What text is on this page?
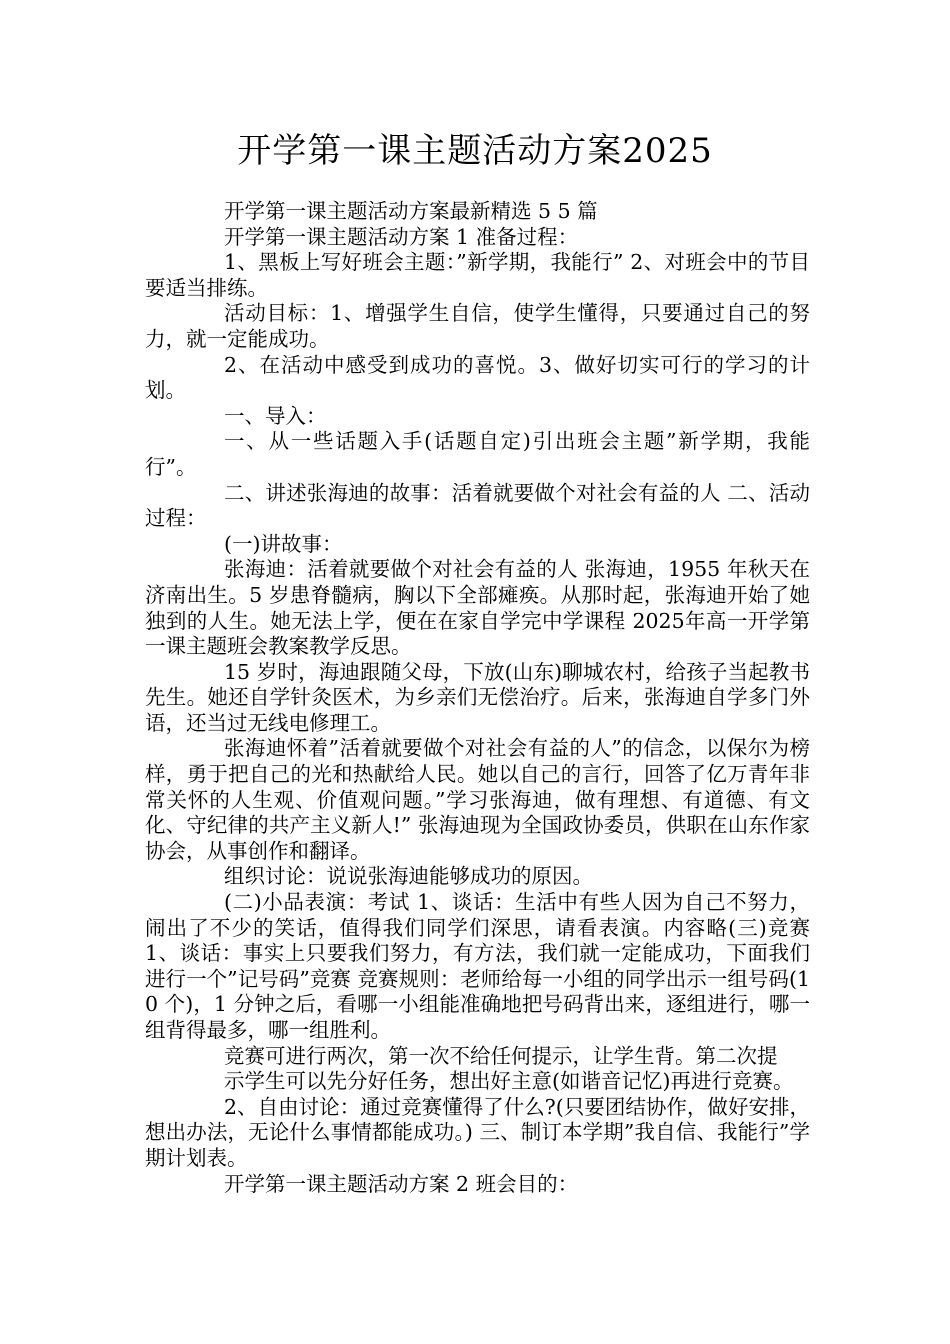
开学第一课主题活动方案2025

开学第一课主题活动方案最新精选 5 5 篇

开学第一课主题活动方案 1 准备过程：

1、黑板上写好班会主题：”新学期，我能行” 2、对班会中的节目要适当排练。

活动目标：1、增强学生自信，使学生懂得，只要通过自己的努力，就一定能成功。

2、在活动中感受到成功的喜悦。3、做好切实可行的学习的计划。

一、导入：

一、从一些话题入手(话题自定)引出班会主题”新学期，我能行”。

二、讲述张海迪的故事：活着就要做个对社会有益的人 二、活动过程：

(一)讲故事：

张海迪：活着就要做个对社会有益的人 张海迪，1955 年秋天在济南出生。5 岁患脊髓病，胸以下全部瘫痪。从那时起，张海迪开始了她独到的人生。她无法上学，便在在家自学完中学课程 2025年高一开学第一课主题班会教案教学反思。

15 岁时，海迪跟随父母，下放(山东)聊城农村，给孩子当起教书先生。她还自学针灸医术，为乡亲们无偿治疗。后来，张海迪自学多门外语，还当过无线电修理工。

张海迪怀着”活着就要做个对社会有益的人”的信念，以保尔为榜样，勇于把自己的光和热献给人民。她以自己的言行，回答了亿万青年非常关怀的人生观、价值观问题。”学习张海迪，做有理想、有道德、有文化、守纪律的共产主义新人!” 张海迪现为全国政协委员，供职在山东作家协会，从事创作和翻译。

组织讨论：说说张海迪能够成功的原因。

(二)小品表演：考试 1、谈话：生活中有些人因为自己不努力，闹出了不少的笑话，值得我们同学们深思，请看表演。内容略(三)竞赛 1、谈话：事实上只要我们努力，有方法，我们就一定能成功，下面我们进行一个”记号码”竞赛 竞赛规则：老师给每一小组的同学出示一组号码(10 个)，1 分钟之后，看哪一小组能准确地把号码背出来，逐组进行，哪一组背得最多，哪一组胜利。

竞赛可进行两次，第一次不给任何提示，让学生背。第二次提

示学生可以先分好任务，想出好主意(如谐音记忆)再进行竞赛。

2、自由讨论：通过竞赛懂得了什么?(只要团结协作，做好安排，想出办法，无论什么事情都能成功。) 三、制订本学期”我自信、我能行”学期计划表。

开学第一课主题活动方案 2 班会目的：
